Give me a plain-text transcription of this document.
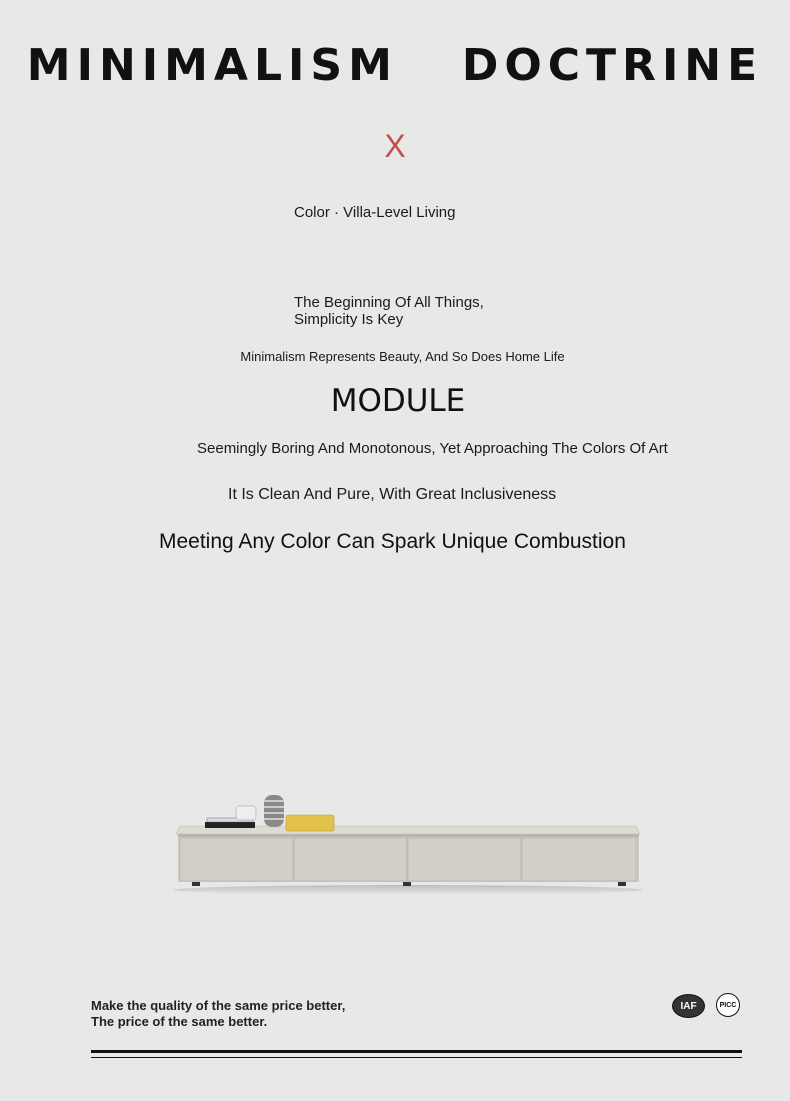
MINIMALISM   DOCTRINE
X
Color · Villa-Level Living
The Beginning Of All Things,
Simplicity Is Key
Minimalism Represents Beauty, And So Does Home Life
MODULE
Seemingly Boring And Monotonous, Yet Approaching The Colors Of Art
It Is Clean And Pure, With Great Inclusiveness
Meeting Any Color Can Spark Unique Combustion
Make the quality of the same price better,
The price of the same better.
IAF	PICC
